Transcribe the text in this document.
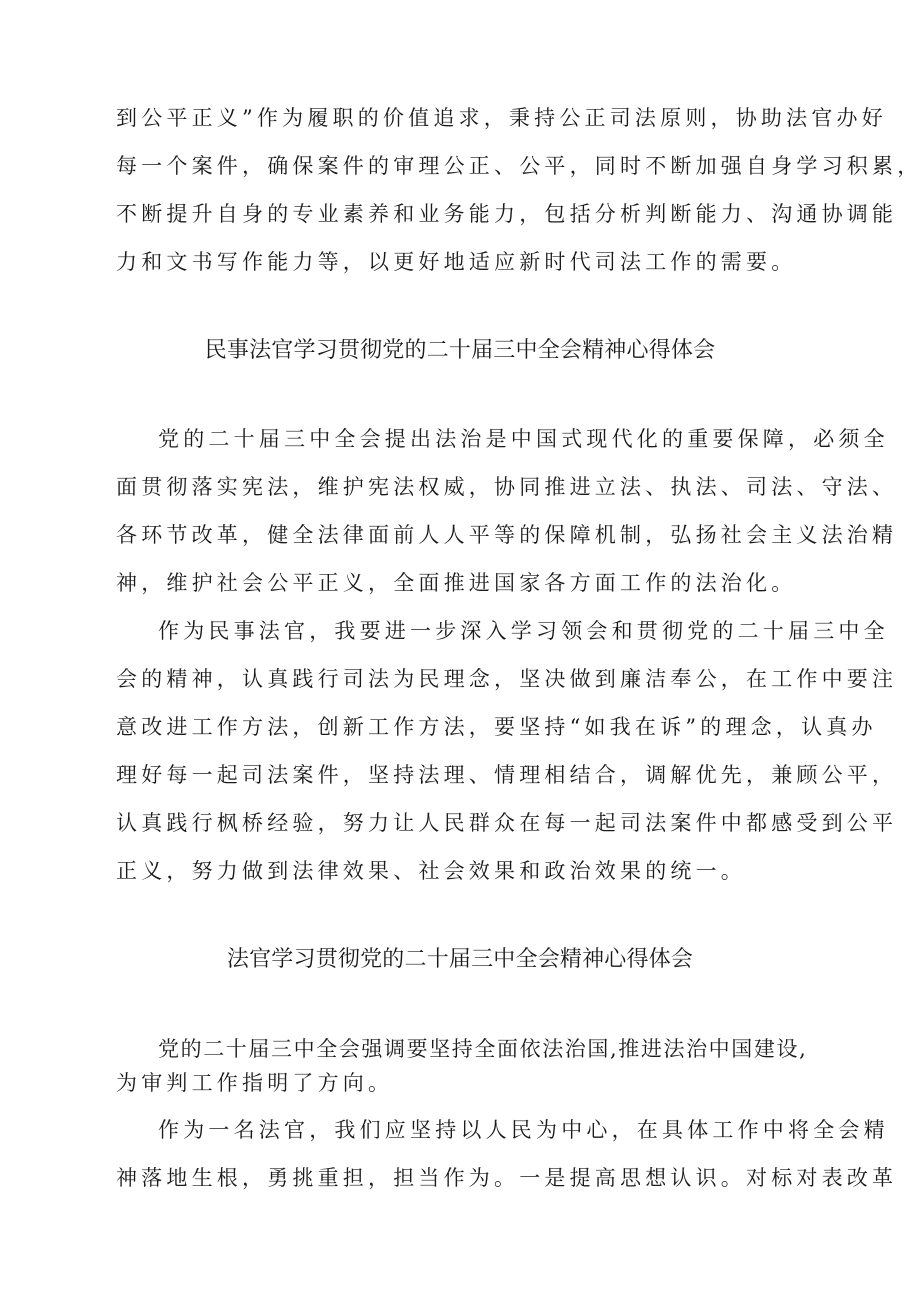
到公平正义”作为履职的价值追求，秉持公正司法原则，协助法官办好
每一个案件，确保案件的审理公正、公平，同时不断加强自身学习积累，
不断提升自身的专业素养和业务能力，包括分析判断能力、沟通协调能
力和文书写作能力等，以更好地适应新时代司法工作的需要。
民事法官学习贯彻党的二十届三中全会精神心得体会
党的二十届三中全会提出法治是中国式现代化的重要保障，必须全
面贯彻落实宪法，维护宪法权威，协同推进立法、执法、司法、守法、
各环节改革，健全法律面前人人平等的保障机制，弘扬社会主义法治精
神，维护社会公平正义，全面推进国家各方面工作的法治化。
作为民事法官，我要进一步深入学习领会和贯彻党的二十届三中全
会的精神，认真践行司法为民理念，坚决做到廉洁奉公，在工作中要注
意改进工作方法，创新工作方法，要坚持“如我在诉”的理念，认真办
理好每一起司法案件，坚持法理、情理相结合，调解优先，兼顾公平，
认真践行枫桥经验，努力让人民群众在每一起司法案件中都感受到公平
正义，努力做到法律效果、社会效果和政治效果的统一。
法官学习贯彻党的二十届三中全会精神心得体会
党的二十届三中全会强调要坚持全面依法治国,推进法治中国建设,
为审判工作指明了方向。
作为一名法官，我们应坚持以人民为中心，在具体工作中将全会精
神落地生根，勇挑重担，担当作为。一是提高思想认识。对标对表改革
